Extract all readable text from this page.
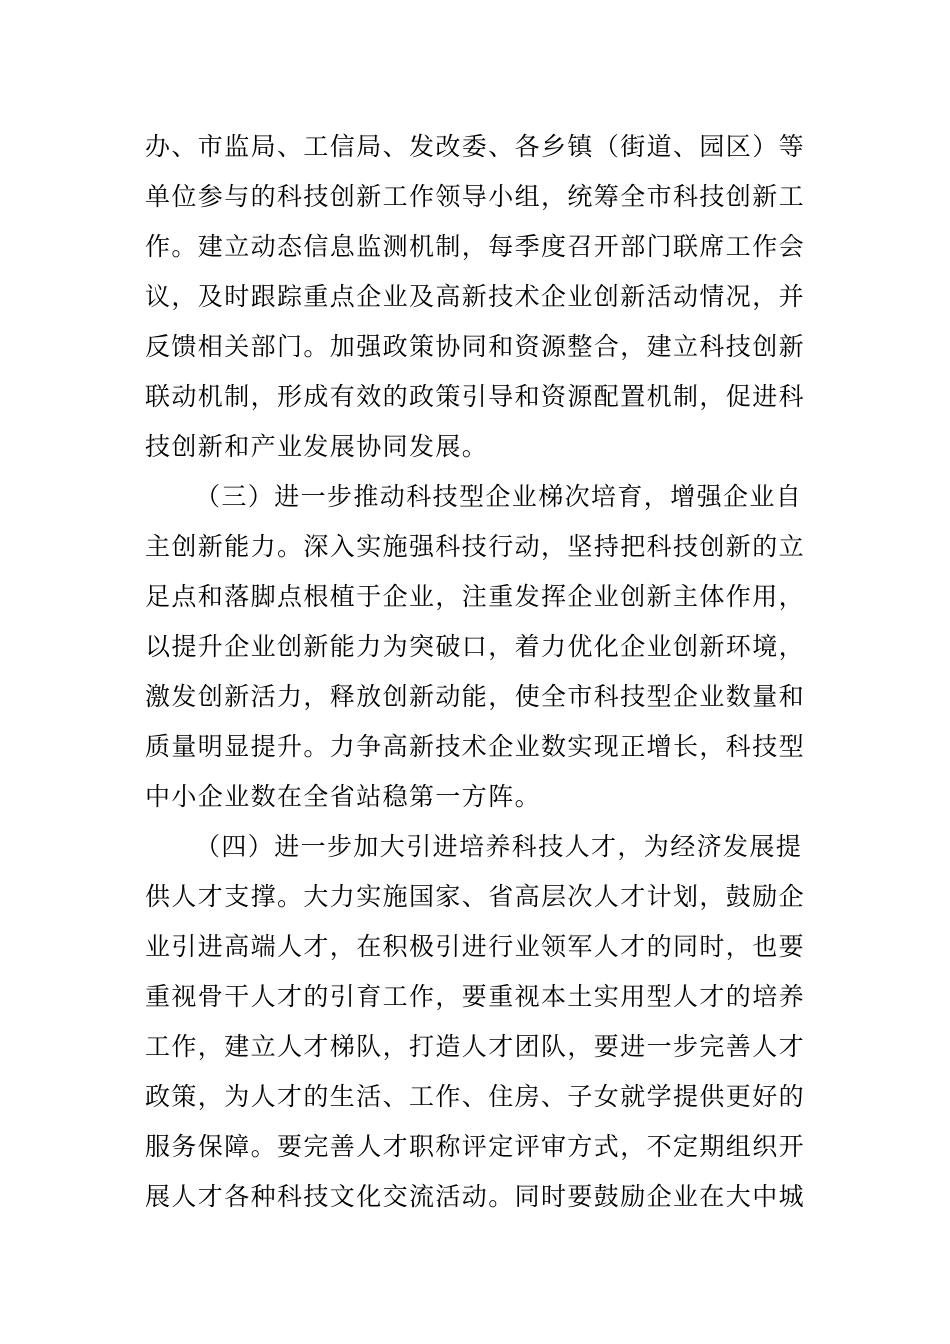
办、市监局、工信局、发改委、各乡镇（街道、园区）等
单位参与的科技创新工作领导小组，统筹全市科技创新工
作。建立动态信息监测机制，每季度召开部门联席工作会
议，及时跟踪重点企业及高新技术企业创新活动情况，并
反馈相关部门。加强政策协同和资源整合，建立科技创新
联动机制，形成有效的政策引导和资源配置机制，促进科
技创新和产业发展协同发展。
（三）进一步推动科技型企业梯次培育，增强企业自
主创新能力。深入实施强科技行动，坚持把科技创新的立
足点和落脚点根植于企业，注重发挥企业创新主体作用，
以提升企业创新能力为突破口，着力优化企业创新环境，
激发创新活力，释放创新动能，使全市科技型企业数量和
质量明显提升。力争高新技术企业数实现正增长，科技型
中小企业数在全省站稳第一方阵。
（四）进一步加大引进培养科技人才，为经济发展提
供人才支撑。大力实施国家、省高层次人才计划，鼓励企
业引进高端人才，在积极引进行业领军人才的同时，也要
重视骨干人才的引育工作，要重视本土实用型人才的培养
工作，建立人才梯队，打造人才团队，要进一步完善人才
政策，为人才的生活、工作、住房、子女就学提供更好的
服务保障。要完善人才职称评定评审方式，不定期组织开
展人才各种科技文化交流活动。同时要鼓励企业在大中城
